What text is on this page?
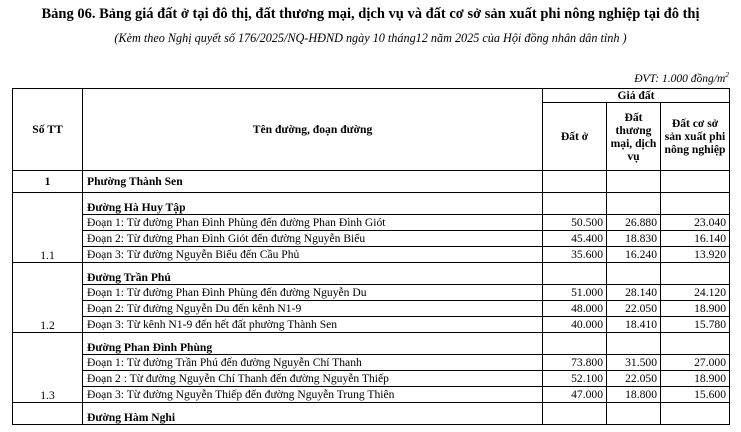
Bảng 06. Bảng giá đất ở tại đô thị, đất thương mại, dịch vụ và đất cơ sở sản xuất phi nông nghiệp tại đô thị
(Kèm theo Nghị quyết số 176/2025/NQ-HĐND ngày 10 tháng12 năm 2025 của Hội đồng nhân dân tỉnh )
ĐVT: 1.000 đồng/$m^2$
Số TT	Tên đường, đoạn đường	Giá đất		
		Đất ở	Đất thương mại, dịch vụ	Đất cơ sở sản xuất phi nông nghiệp
1	Phường Thành Sen			
1.1	Đường Hà Huy Tập			
	Đoạn 1: Từ đường Phan Đình Phùng đến đường Phan Đình Giót	50.500	26.880	23.040
	Đoạn 2: Từ đường Phan Đình Giót đến đường Nguyễn Biểu	45.400	18.830	16.140
	Đoạn 3: Từ đường Nguyễn Biểu đến Cầu Phủ	35.600	16.240	13.920
1.2	Đường Trần Phú			
	Đoạn 1: Từ đường Phan Đình Phùng đến đường Nguyễn Du	51.000	28.140	24.120
	Đoạn 2: Từ đường Nguyễn Du đến kênh N1-9	48.000	22.050	18.900
	Đoạn 3: Từ kênh N1-9 đến hết đất phường Thành Sen	40.000	18.410	15.780
1.3	Đường Phan Đình Phùng			
	Đoạn 1: Từ đường Trần Phú đến đường Nguyễn Chí Thanh	73.800	31.500	27.000
	Đoạn 2 : Từ đường Nguyễn Chí Thanh đến đường Nguyễn Thiếp	52.100	22.050	18.900
	Đoạn 3: Từ đường Nguyễn Thiếp đến đường Nguyễn Trung Thiên	47.000	18.800	15.600
	Đường Hàm Nghi			
